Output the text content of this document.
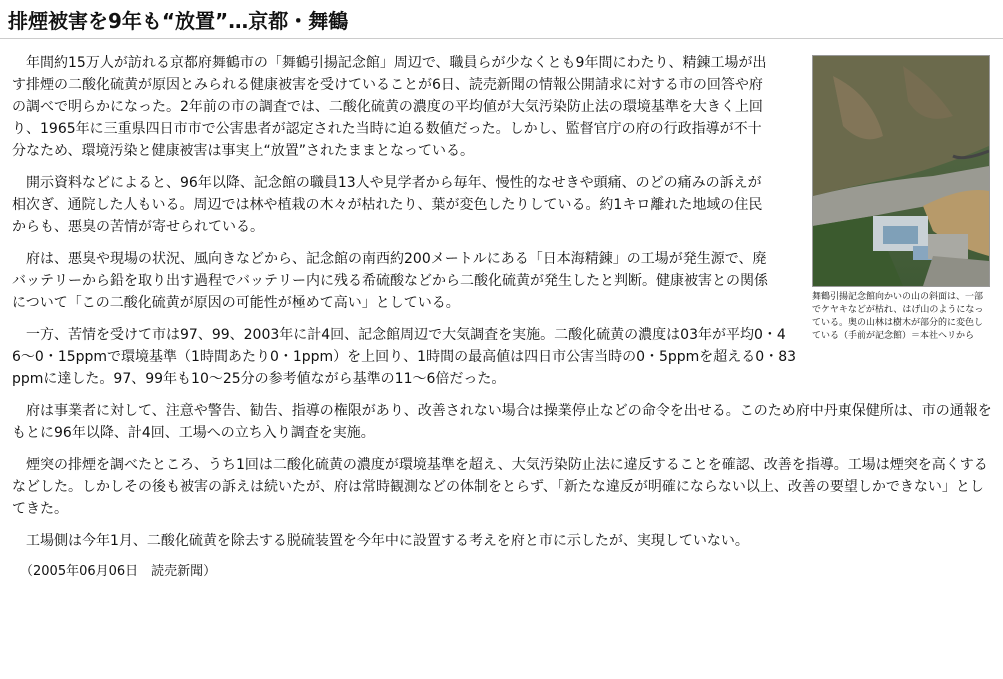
排煙被害を9年も“放置”…京都・舞鶴
舞鶴引揚記念館向かいの山の斜面は、一部でケヤキなどが枯れ、はげ山のようになっている。奥の山林は樹木が部分的に変色している（手前が記念館）＝本社ヘリから

年間約15万人が訪れる京都府舞鶴市の「舞鶴引揚記念館」周辺で、職員らが少なくとも9年間にわたり、精錬工場が出す排煙の二酸化硫黄が原因とみられる健康被害を受けていることが6日、読売新聞の情報公開請求に対する市の回答や府の調べで明らかになった。2年前の市の調査では、二酸化硫黄の濃度の平均値が大気汚染防止法の環境基準を大きく上回り、1965年に三重県四日市市で公害患者が認定された当時に迫る数値だった。しかし、監督官庁の府の行政指導が不十分なため、環境汚染と健康被害は事実上“放置”されたままとなっている。

開示資料などによると、96年以降、記念館の職員13人や見学者から毎年、慢性的なせきや頭痛、のどの痛みの訴えが相次ぎ、通院した人もいる。周辺では林や植栽の木々が枯れたり、葉が変色したりしている。約1キロ離れた地域の住民からも、悪臭の苦情が寄せられている。

府は、悪臭や現場の状況、風向きなどから、記念館の南西約200メートルにある「日本海精錬」の工場が発生源で、廃バッテリーから鉛を取り出す過程でバッテリー内に残る希硫酸などから二酸化硫黄が発生したと判断。健康被害との関係について「この二酸化硫黄が原因の可能性が極めて高い」としている。

一方、苦情を受けて市は97、99、2003年に計4回、記念館周辺で大気調査を実施。二酸化硫黄の濃度は03年が平均0・46〜0・15ppmで環境基準（1時間あたり0・1ppm）を上回り、1時間の最高値は四日市公害当時の0・5ppmを超える0・83ppmに達した。97、99年も10〜25分の参考値ながら基準の11〜6倍だった。

府は事業者に対して、注意や警告、勧告、指導の権限があり、改善されない場合は操業停止などの命令を出せる。このため府中丹東保健所は、市の通報をもとに96年以降、計4回、工場への立ち入り調査を実施。

煙突の排煙を調べたところ、うち1回は二酸化硫黄の濃度が環境基準を超え、大気汚染防止法に違反することを確認、改善を指導。工場は煙突を高くするなどした。しかしその後も被害の訴えは続いたが、府は常時観測などの体制をとらず、「新たな違反が明確にならない以上、改善の要望しかできない」としてきた。

工場側は今年1月、二酸化硫黄を除去する脱硫装置を今年中に設置する考えを府と市に示したが、実現していない。

（2005年06月06日　読売新聞）
